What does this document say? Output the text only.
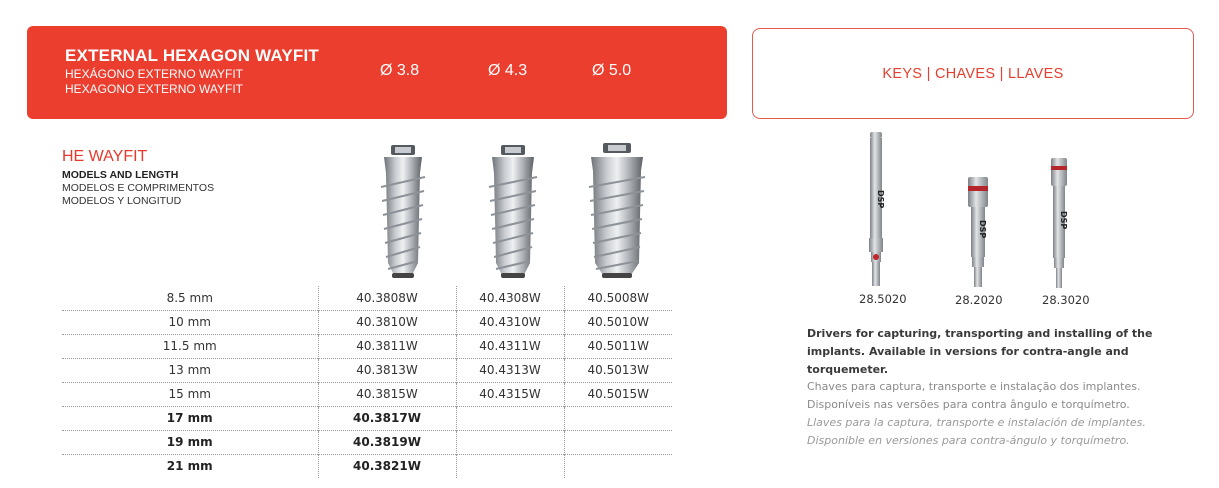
EXTERNAL HEXAGON WAYFIT
HEXÁGONO EXTERNO WAYFIT
HEXAGONO EXTERNO WAYFIT
Ø 3.8	Ø 4.3	Ø 5.0	KEYS | CHAVES | LLAVES
HE WAYFIT
MODELS AND LENGTH
MODELOS E COMPRIMENTOS
MODELOS Y LONGITUD
8.5 mm	40.3808W	40.4308W	40.5008W
10 mm	40.3810W	40.4310W	40.5010W
11.5 mm	40.3811W	40.4311W	40.5011W
13 mm	40.3813W	40.4313W	40.5013W
15 mm	40.3815W	40.4315W	40.5015W
17 mm	40.3817W		
19 mm	40.3819W		
21 mm	40.3821W		
DSP
28.5020
DSP
28.2020
DSP
28.3020
Drivers for capturing, transporting and installing of the implants. Available in versions for contra-angle and torquemeter.
Chaves para captura, transporte e instalação dos implantes.
Disponíveis nas versões para contra ângulo e torquímetro.
Llaves para la captura, transporte e instalación de implantes.
Disponible en versiones para contra-ángulo y torquímetro.
